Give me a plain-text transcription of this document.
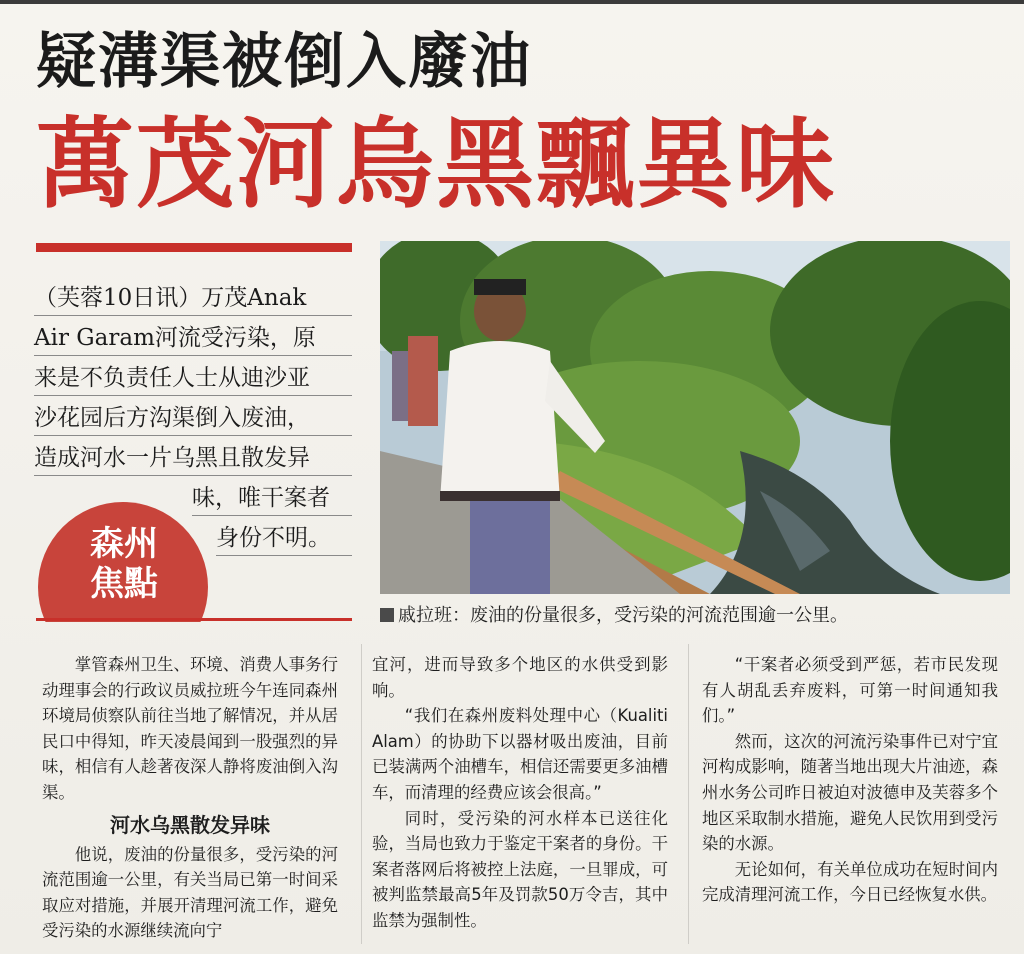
疑溝渠被倒入廢油
萬茂河烏黑飄異味
（芙蓉10日讯）万茂Anak
Air Garam河流受污染，原
来是不负责任人士从迪沙亚
沙花园后方沟渠倒入废油，
造成河水一片乌黑且散发异
味，唯干案者
身份不明。
森州
焦點
戚拉班：废油的份量很多，受污染的河流范围逾一公里。

掌管森州卫生、环境、消费人事务行动理事会的行政议员威拉班今午连同森州环境局侦察队前往当地了解情况，并从居民口中得知，昨天凌晨闻到一股强烈的异味，相信有人趁著夜深人静将废油倒入沟渠。

河水乌黑散发异味

他说，废油的份量很多，受污染的河流范围逾一公里，有关当局已第一时间采取应对措施，并展开清理河流工作，避免受污染的水源继续流向宁

宜河，进而导致多个地区的水供受到影响。

“我们在森州废料处理中心（Kualiti Alam）的协助下以器材吸出废油，目前已装满两个油槽车，相信还需要更多油槽车，而清理的经费应该会很高。”

同时，受污染的河水样本已送往化验，当局也致力于鉴定干案者的身份。干案者落网后将被控上法庭，一旦罪成，可被判监禁最高5年及罚款50万令吉，其中监禁为强制性。

“干案者必须受到严惩，若市民发现有人胡乱丢弃废料，可第一时间通知我们。”

然而，这次的河流污染事件已对宁宜河构成影响，随著当地出现大片油迹，森州水务公司昨日被迫对波德申及芙蓉多个地区采取制水措施，避免人民饮用到受污染的水源。

无论如何，有关单位成功在短时间内完成清理河流工作，今日已经恢复水供。
